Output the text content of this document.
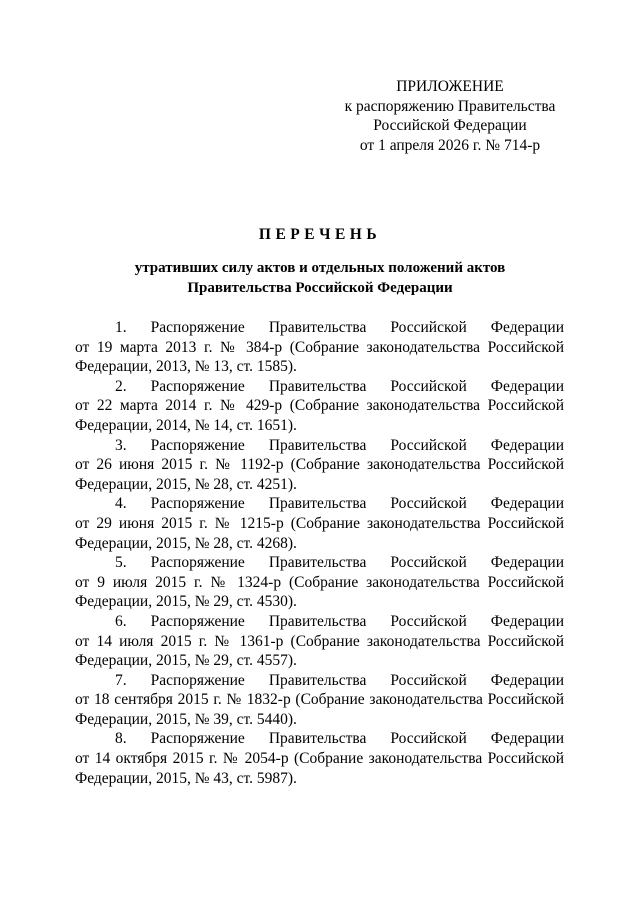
ПРИЛОЖЕНИЕ
к распоряжению Правительства
Российской Федерации
от 1 апреля 2026 г. № 714-р
ПЕРЕЧЕНЬ
утративших силу актов и отдельных положений актов
Правительства Российской Федерации
1. Распоряжение Правительства Российской Федерации
от 19 марта 2013 г. № 384-р (Собрание законодательства Российской
Федерации, 2013, № 13, ст. 1585).
2. Распоряжение Правительства Российской Федерации
от 22 марта 2014 г. № 429-р (Собрание законодательства Российской
Федерации, 2014, № 14, ст. 1651).
3. Распоряжение Правительства Российской Федерации
от 26 июня 2015 г. № 1192-р (Собрание законодательства Российской
Федерации, 2015, № 28, ст. 4251).
4. Распоряжение Правительства Российской Федерации
от 29 июня 2015 г. № 1215-р (Собрание законодательства Российской
Федерации, 2015, № 28, ст. 4268).
5. Распоряжение Правительства Российской Федерации
от 9 июля 2015 г. № 1324-р (Собрание законодательства Российской
Федерации, 2015, № 29, ст. 4530).
6. Распоряжение Правительства Российской Федерации
от 14 июля 2015 г. № 1361-р (Собрание законодательства Российской
Федерации, 2015, № 29, ст. 4557).
7. Распоряжение Правительства Российской Федерации
от 18 сентября 2015 г. № 1832-р (Собрание законодательства Российской
Федерации, 2015, № 39, ст. 5440).
8. Распоряжение Правительства Российской Федерации
от 14 октября 2015 г. № 2054-р (Собрание законодательства Российской
Федерации, 2015, № 43, ст. 5987).
